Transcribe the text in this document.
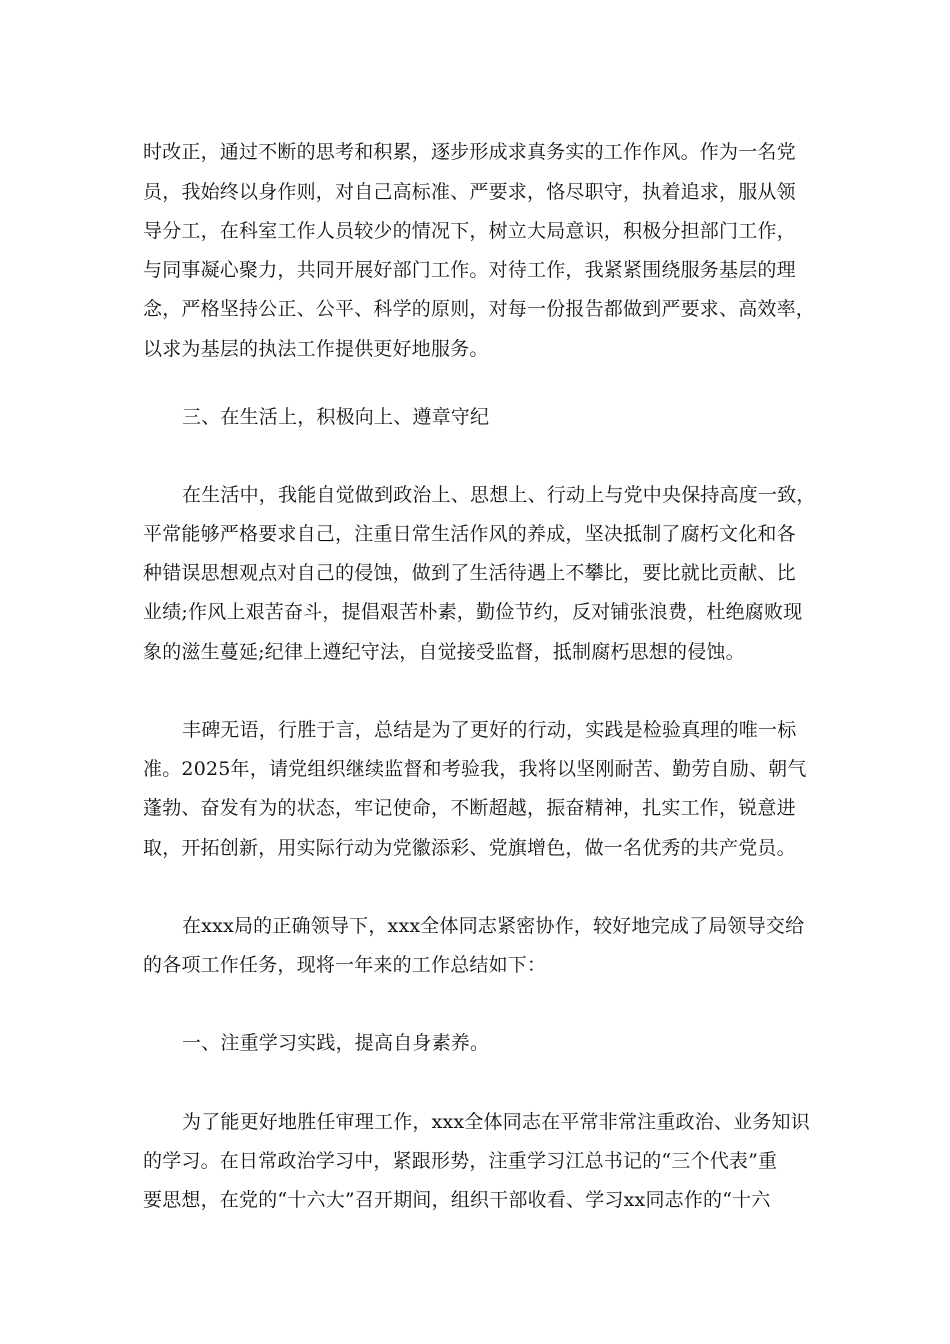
时改正，通过不断的思考和积累，逐步形成求真务实的工作作风。作为一名党
员，我始终以身作则，对自己高标准、严要求，恪尽职守，执着追求，服从领
导分工，在科室工作人员较少的情况下，树立大局意识，积极分担部门工作，
与同事凝心聚力，共同开展好部门工作。对待工作，我紧紧围绕服务基层的理
念，严格坚持公正、公平、科学的原则，对每一份报告都做到严要求、高效率，
以求为基层的执法工作提供更好地服务。
三、在生活上，积极向上、遵章守纪
在生活中，我能自觉做到政治上、思想上、行动上与党中央保持高度一致，
平常能够严格要求自己，注重日常生活作风的养成，坚决抵制了腐朽文化和各
种错误思想观点对自己的侵蚀，做到了生活待遇上不攀比，要比就比贡献、比
业绩;作风上艰苦奋斗，提倡艰苦朴素，勤俭节约，反对铺张浪费，杜绝腐败现
象的滋生蔓延;纪律上遵纪守法，自觉接受监督，抵制腐朽思想的侵蚀。
丰碑无语，行胜于言，总结是为了更好的行动，实践是检验真理的唯一标
准。2025年，请党组织继续监督和考验我，我将以坚刚耐苦、勤劳自励、朝气
蓬勃、奋发有为的状态，牢记使命，不断超越，振奋精神，扎实工作，锐意进
取，开拓创新，用实际行动为党徽添彩、党旗增色，做一名优秀的共产党员。
在xxx局的正确领导下，xxx全体同志紧密协作，较好地完成了局领导交给
的各项工作任务，现将一年来的工作总结如下：
一、注重学习实践，提高自身素养。
为了能更好地胜任审理工作，xxx全体同志在平常非常注重政治、业务知识
的学习。在日常政治学习中，紧跟形势，注重学习江总书记的“三个代表”重
要思想，在党的“十六大”召开期间，组织干部收看、学习xx同志作的“十六
